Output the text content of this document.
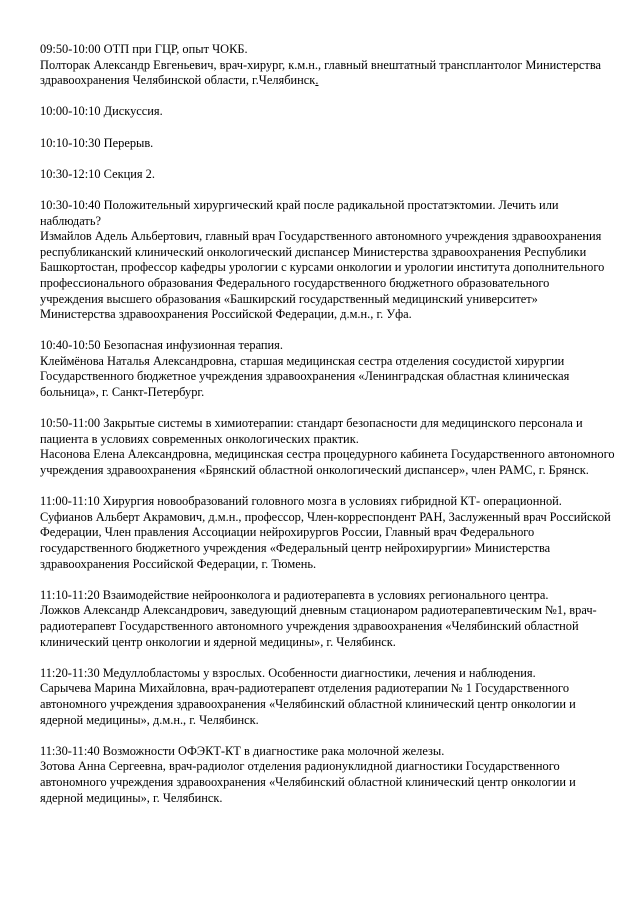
09:50-10:00 ОТП при ГЦР, опыт ЧОКБ.

Полторак Александр Евгеньевич, врач-хирург, к.м.н., главный внештатный трансплантолог Министерства здравоохранения Челябинской области, г.Челябинск.

10:00-10:10 Дискуссия.

10:10-10:30 Перерыв.

10:30-12:10 Секция 2.

10:30-10:40 Положительный хирургический край после радикальной простатэктомии. Лечить или наблюдать?

Измайлов Адель Альбертович, главный врач Государственного автономного учреждения здравоохранения республиканский клинический онкологический диспансер Министерства здравоохранения Республики Башкортостан, профессор кафедры урологии с курсами онкологии и урологии института дополнительного профессионального образования Федерального государственного бюджетного образовательного учреждения высшего образования «Башкирский государственный медицинский университет» Министерства здравоохранения Российской Федерации, д.м.н., г. Уфа.

10:40-10:50 Безопасная инфузионная терапия.

Клеймёнова Наталья Александровна, старшая медицинская сестра отделения сосудистой хирургии Государственного бюджетное учреждения здравоохранения «Ленинградская областная клиническая больница», г. Санкт-Петербург.

10:50-11:00 Закрытые системы в химиотерапии: стандарт безопасности для медицинского персонала и пациента в условиях современных онкологических практик.

Насонова Елена Александровна, медицинская сестра процедурного кабинета Государственного автономного учреждения здравоохранения «Брянский областной онкологический диспансер», член РАМС, г. Брянск.

11:00-11:10 Хирургия новообразований головного мозга в условиях гибридной КТ- операционной.

Суфианов Альберт Акрамович, д.м.н., профессор, Член-корреспондент РАН, Заслуженный врач Российской Федерации, Член правления Ассоциации нейрохирургов России, Главный врач Федерального государственного бюджетного учреждения «Федеральный центр нейрохирургии» Министерства здравоохранения Российской Федерации, г. Тюмень.

11:10-11:20 Взаимодействие нейроонколога и радиотерапевта в условиях регионального центра.

Ложков Александр Александрович, заведующий дневным стационаром радиотерапевтическим №1, врач-радиотерапевт Государственного автономного учреждения здравоохранения «Челябинский областной клинический центр онкологии и ядерной медицины», г. Челябинск.

11:20-11:30 Медуллобластомы у взрослых. Особенности диагностики, лечения и наблюдения.

Сарычева Марина Михайловна, врач-радиотерапевт отделения радиотерапии № 1 Государственного автономного учреждения здравоохранения «Челябинский областной клинический центр онкологии и ядерной медицины», д.м.н., г. Челябинск.

11:30-11:40 Возможности ОФЭКТ-КТ в диагностике рака молочной железы.

Зотова Анна Сергеевна, врач-радиолог отделения радионуклидной диагностики Государственного автономного учреждения здравоохранения «Челябинский областной клинический центр онкологии и ядерной медицины», г. Челябинск.
